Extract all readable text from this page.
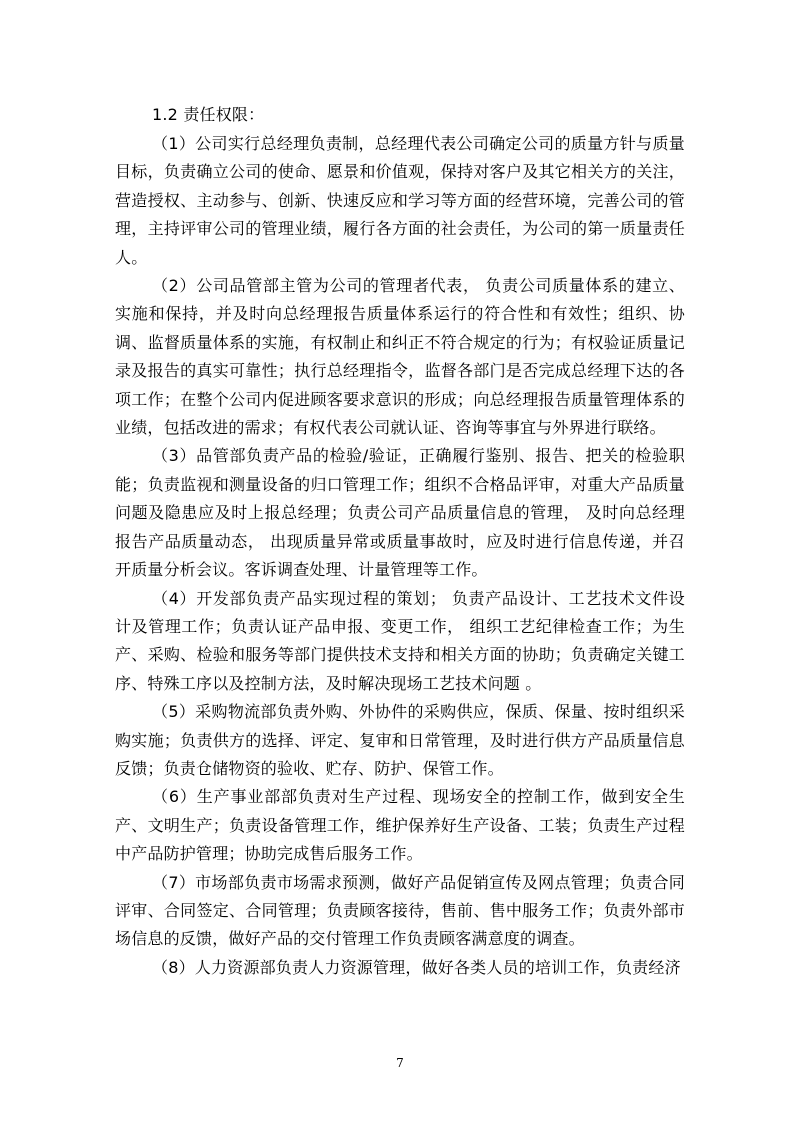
1.2 责任权限：

（1）公司实行总经理负责制，总经理代表公司确定公司的质量方针与质量目标，负责确立公司的使命、愿景和价值观，保持对客户及其它相关方的关注，营造授权、主动参与、创新、快速反应和学习等方面的经营环境，完善公司的管理，主持评审公司的管理业绩，履行各方面的社会责任，为公司的第一质量责任人。

（2）公司品管部主管为公司的管理者代表， 负责公司质量体系的建立、实施和保持，并及时向总经理报告质量体系运行的符合性和有效性；组织、协调、监督质量体系的实施，有权制止和纠正不符合规定的行为；有权验证质量记录及报告的真实可靠性；执行总经理指令，监督各部门是否完成总经理下达的各项工作；在整个公司内促进顾客要求意识的形成；向总经理报告质量管理体系的业绩，包括改进的需求；有权代表公司就认证、咨询等事宜与外界进行联络。

（3）品管部负责产品的检验/验证，正确履行鉴别、报告、把关的检验职能；负责监视和测量设备的归口管理工作；组织不合格品评审，对重大产品质量问题及隐患应及时上报总经理；负责公司产品质量信息的管理， 及时向总经理报告产品质量动态， 出现质量异常或质量事故时，应及时进行信息传递，并召开质量分析会议。客诉调查处理、计量管理等工作。

（4）开发部负责产品实现过程的策划； 负责产品设计、工艺技术文件设计及管理工作；负责认证产品申报、变更工作， 组织工艺纪律检查工作；为生产、采购、检验和服务等部门提供技术支持和相关方面的协助；负责确定关键工序、特殊工序以及控制方法，及时解决现场工艺技术问题 。

（5）采购物流部负责外购、外协件的采购供应，保质、保量、按时组织采购实施；负责供方的选择、评定、复审和日常管理，及时进行供方产品质量信息反馈；负责仓储物资的验收、贮存、防护、保管工作。

（6）生产事业部部负责对生产过程、现场安全的控制工作，做到安全生产、文明生产；负责设备管理工作，维护保养好生产设备、工装；负责生产过程中产品防护管理；协助完成售后服务工作。

（7）市场部负责市场需求预测，做好产品促销宣传及网点管理；负责合同评审、合同签定、合同管理；负责顾客接待，售前、售中服务工作；负责外部市场信息的反馈，做好产品的交付管理工作负责顾客满意度的调查。

（8）人力资源部负责人力资源管理，做好各类人员的培训工作，负责经济

7
